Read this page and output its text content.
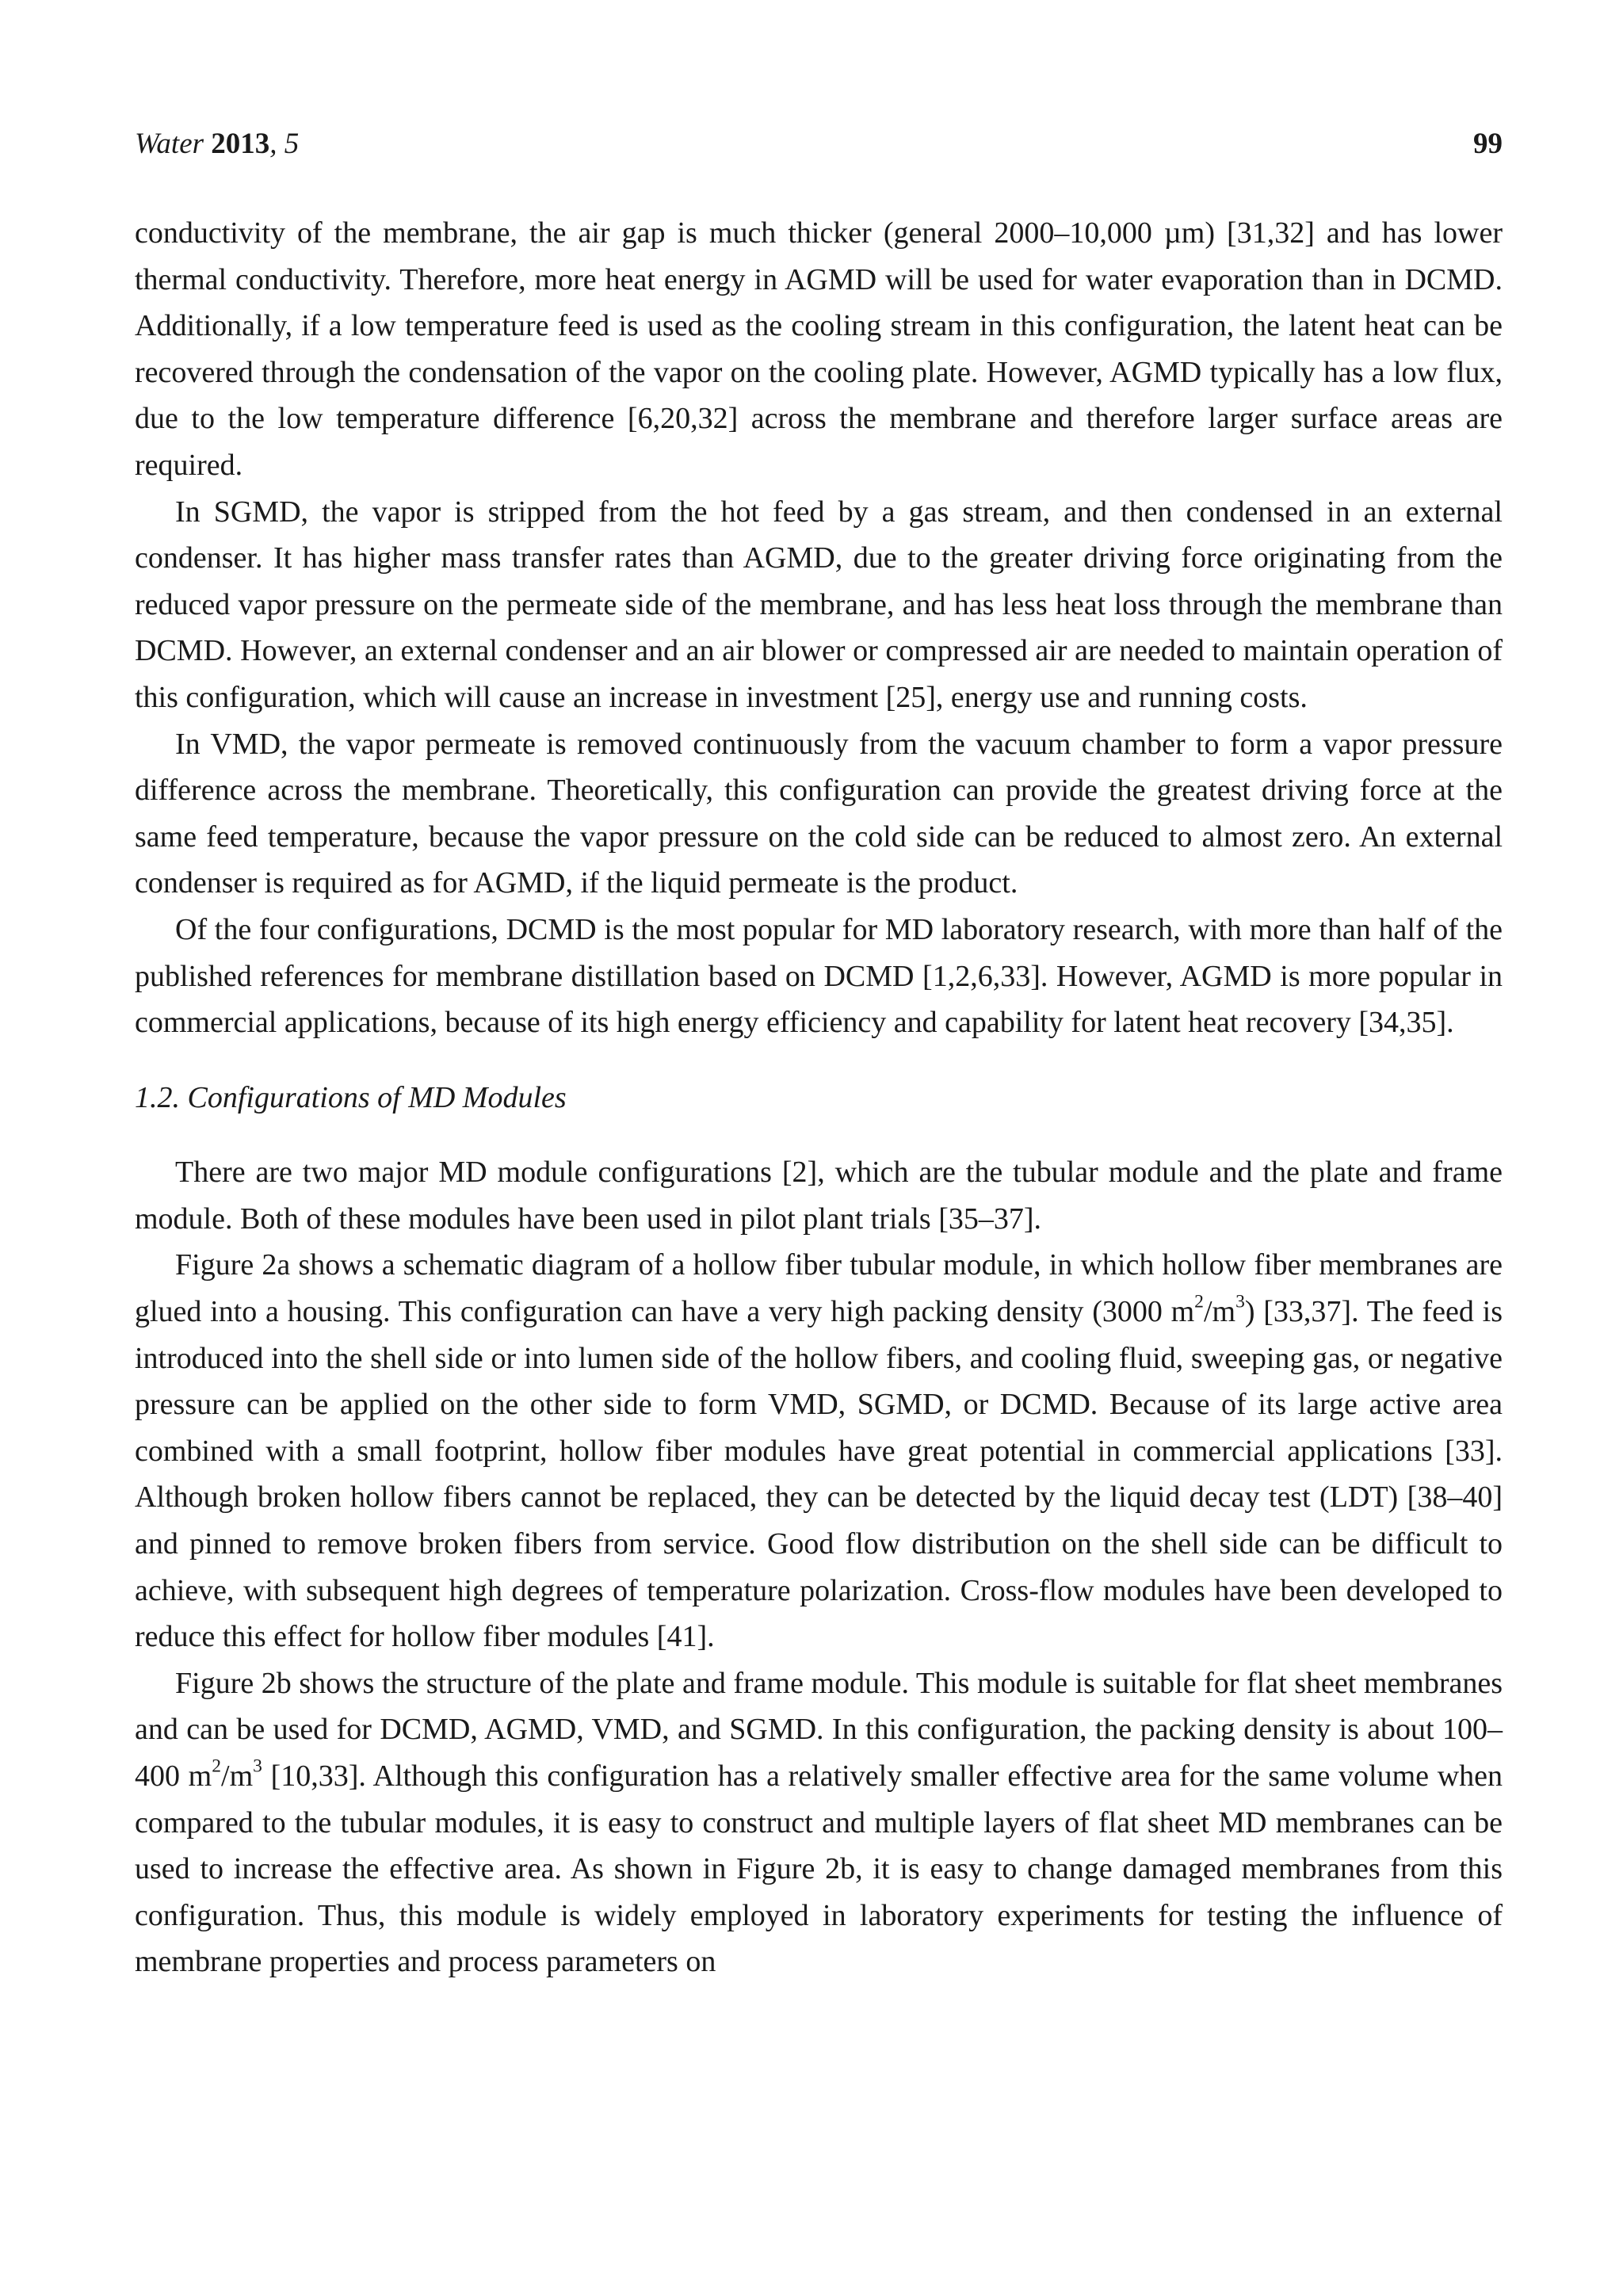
Water 2013, 5	99

conductivity of the membrane, the air gap is much thicker (general 2000–10,000 µm) [31,32] and has lower thermal conductivity. Therefore, more heat energy in AGMD will be used for water evaporation than in DCMD. Additionally, if a low temperature feed is used as the cooling stream in this configuration, the latent heat can be recovered through the condensation of the vapor on the cooling plate. However, AGMD typically has a low flux, due to the low temperature difference [6,20,32] across the membrane and therefore larger surface areas are required.

In SGMD, the vapor is stripped from the hot feed by a gas stream, and then condensed in an external condenser. It has higher mass transfer rates than AGMD, due to the greater driving force originating from the reduced vapor pressure on the permeate side of the membrane, and has less heat loss through the membrane than DCMD. However, an external condenser and an air blower or compressed air are needed to maintain operation of this configuration, which will cause an increase in investment [25], energy use and running costs.

In VMD, the vapor permeate is removed continuously from the vacuum chamber to form a vapor pressure difference across the membrane. Theoretically, this configuration can provide the greatest driving force at the same feed temperature, because the vapor pressure on the cold side can be reduced to almost zero. An external condenser is required as for AGMD, if the liquid permeate is the product.

Of the four configurations, DCMD is the most popular for MD laboratory research, with more than half of the published references for membrane distillation based on DCMD [1,2,6,33]. However, AGMD is more popular in commercial applications, because of its high energy efficiency and capability for latent heat recovery [34,35].

1.2. Configurations of MD Modules

There are two major MD module configurations [2], which are the tubular module and the plate and frame module. Both of these modules have been used in pilot plant trials [35–37].

Figure 2a shows a schematic diagram of a hollow fiber tubular module, in which hollow fiber membranes are glued into a housing. This configuration can have a very high packing density (3000 $m^2/m^3$) [33,37]. The feed is introduced into the shell side or into lumen side of the hollow fibers, and cooling fluid, sweeping gas, or negative pressure can be applied on the other side to form VMD, SGMD, or DCMD. Because of its large active area combined with a small footprint, hollow fiber modules have great potential in commercial applications [33]. Although broken hollow fibers cannot be replaced, they can be detected by the liquid decay test (LDT) [38–40] and pinned to remove broken fibers from service. Good flow distribution on the shell side can be difficult to achieve, with subsequent high degrees of temperature polarization. Cross-flow modules have been developed to reduce this effect for hollow fiber modules [41].

Figure 2b shows the structure of the plate and frame module. This module is suitable for flat sheet membranes and can be used for DCMD, AGMD, VMD, and SGMD. In this configuration, the packing density is about 100–400 $m^2/m^3$ [10,33]. Although this configuration has a relatively smaller effective area for the same volume when compared to the tubular modules, it is easy to construct and multiple layers of flat sheet MD membranes can be used to increase the effective area. As shown in Figure 2b, it is easy to change damaged membranes from this configuration. Thus, this module is widely employed in laboratory experiments for testing the influence of membrane properties and process parameters on
